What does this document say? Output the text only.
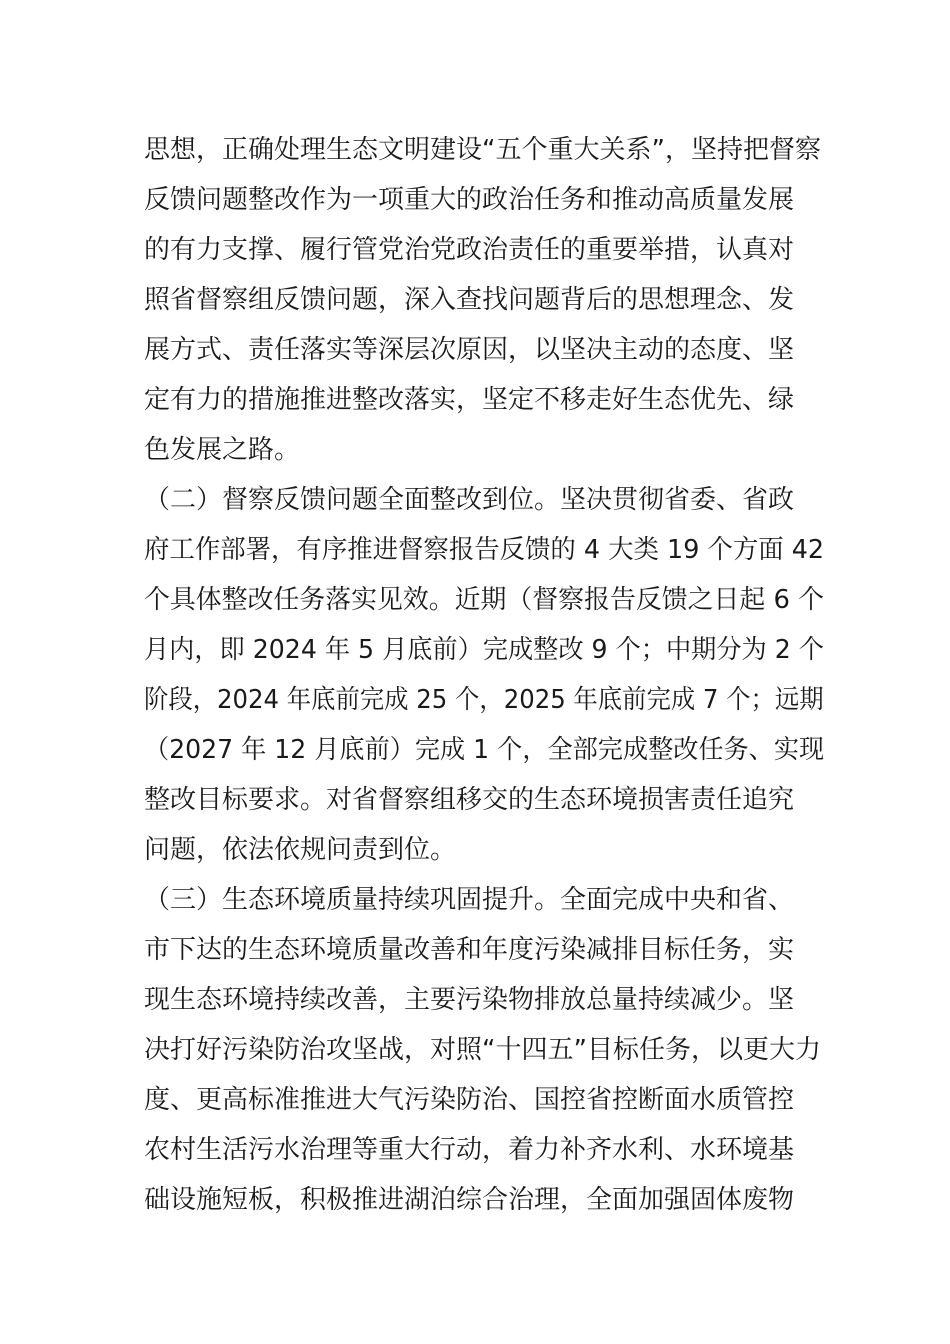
思想，正确处理生态文明建设“五个重大关系”，坚持把督察
反馈问题整改作为一项重大的政治任务和推动高质量发展
的有力支撑、履行管党治党政治责任的重要举措，认真对
照省督察组反馈问题，深入查找问题背后的思想理念、发
展方式、责任落实等深层次原因，以坚决主动的态度、坚
定有力的措施推进整改落实，坚定不移走好生态优先、绿
色发展之路。
（二）督察反馈问题全面整改到位。坚决贯彻省委、省政
府工作部署，有序推进督察报告反馈的 4 大类 19 个方面 42
个具体整改任务落实见效。近期（督察报告反馈之日起 6 个
月内，即 2024 年 5 月底前）完成整改 9 个；中期分为 2 个
阶段，2024 年底前完成 25 个，2025 年底前完成 7 个；远期
（2027 年 12 月底前）完成 1 个，全部完成整改任务、实现
整改目标要求。对省督察组移交的生态环境损害责任追究
问题，依法依规问责到位。
（三）生态环境质量持续巩固提升。全面完成中央和省、
市下达的生态环境质量改善和年度污染减排目标任务，实
现生态环境持续改善，主要污染物排放总量持续减少。坚
决打好污染防治攻坚战，对照“十四五”目标任务，以更大力
度、更高标准推进大气污染防治、国控省控断面水质管控
农村生活污水治理等重大行动，着力补齐水利、水环境基
础设施短板，积极推进湖泊综合治理，全面加强固体废物
